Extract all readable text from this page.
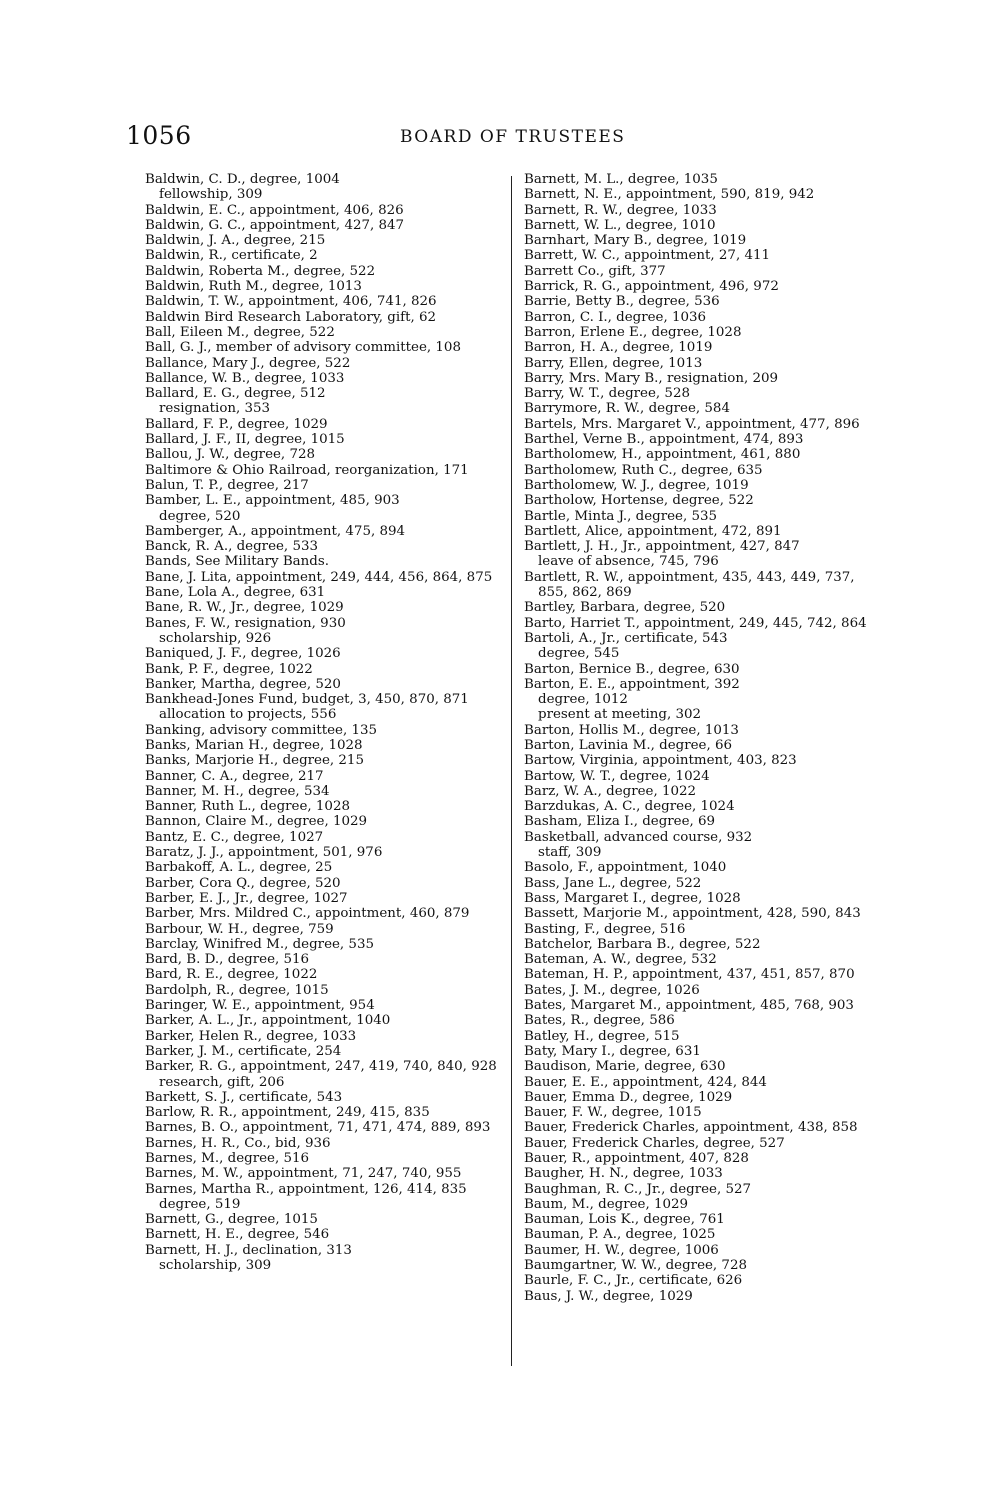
1056	BOARD OF TRUSTEES

Baldwin, C. D., degree, 1004

fellowship, 309

Baldwin, E. C., appointment, 406, 826

Baldwin, G. C., appointment, 427, 847

Baldwin, J. A., degree, 215

Baldwin, R., certificate, 2

Baldwin, Roberta M., degree, 522

Baldwin, Ruth M., degree, 1013

Baldwin, T. W., appointment, 406, 741, 826

Baldwin Bird Research Laboratory, gift, 62

Ball, Eileen M., degree, 522

Ball, G. J., member of advisory committee, 108

Ballance, Mary J., degree, 522

Ballance, W. B., degree, 1033

Ballard, E. G., degree, 512

resignation, 353

Ballard, F. P., degree, 1029

Ballard, J. F., II, degree, 1015

Ballou, J. W., degree, 728

Baltimore & Ohio Railroad, reorganization, 171

Balun, T. P., degree, 217

Bamber, L. E., appointment, 485, 903

degree, 520

Bamberger, A., appointment, 475, 894

Banck, R. A., degree, 533

Bands, See Military Bands.

Bane, J. Lita, appointment, 249, 444, 456, 864, 875

Bane, Lola A., degree, 631

Bane, R. W., Jr., degree, 1029

Banes, F. W., resignation, 930

scholarship, 926

Baniqued, J. F., degree, 1026

Bank, P. F., degree, 1022

Banker, Martha, degree, 520

Bankhead-Jones Fund, budget, 3, 450, 870, 871

allocation to projects, 556

Banking, advisory committee, 135

Banks, Marian H., degree, 1028

Banks, Marjorie H., degree, 215

Banner, C. A., degree, 217

Banner, M. H., degree, 534

Banner, Ruth L., degree, 1028

Bannon, Claire M., degree, 1029

Bantz, E. C., degree, 1027

Baratz, J. J., appointment, 501, 976

Barbakoff, A. L., degree, 25

Barber, Cora Q., degree, 520

Barber, E. J., Jr., degree, 1027

Barber, Mrs. Mildred C., appointment, 460, 879

Barbour, W. H., degree, 759

Barclay, Winifred M., degree, 535

Bard, B. D., degree, 516

Bard, R. E., degree, 1022

Bardolph, R., degree, 1015

Baringer, W. E., appointment, 954

Barker, A. L., Jr., appointment, 1040

Barker, Helen R., degree, 1033

Barker, J. M., certificate, 254

Barker, R. G., appointment, 247, 419, 740, 840, 928

research, gift, 206

Barkett, S. J., certificate, 543

Barlow, R. R., appointment, 249, 415, 835

Barnes, B. O., appointment, 71, 471, 474, 889, 893

Barnes, H. R., Co., bid, 936

Barnes, M., degree, 516

Barnes, M. W., appointment, 71, 247, 740, 955

Barnes, Martha R., appointment, 126, 414, 835

degree, 519

Barnett, G., degree, 1015

Barnett, H. E., degree, 546

Barnett, H. J., declination, 313

scholarship, 309

Barnett, M. L., degree, 1035

Barnett, N. E., appointment, 590, 819, 942

Barnett, R. W., degree, 1033

Barnett, W. L., degree, 1010

Barnhart, Mary B., degree, 1019

Barrett, W. C., appointment, 27, 411

Barrett Co., gift, 377

Barrick, R. G., appointment, 496, 972

Barrie, Betty B., degree, 536

Barron, C. I., degree, 1036

Barron, Erlene E., degree, 1028

Barron, H. A., degree, 1019

Barry, Ellen, degree, 1013

Barry, Mrs. Mary B., resignation, 209

Barry, W. T., degree, 528

Barrymore, R. W., degree, 584

Bartels, Mrs. Margaret V., appointment, 477, 896

Barthel, Verne B., appointment, 474, 893

Bartholomew, H., appointment, 461, 880

Bartholomew, Ruth C., degree, 635

Bartholomew, W. J., degree, 1019

Bartholow, Hortense, degree, 522

Bartle, Minta J., degree, 535

Bartlett, Alice, appointment, 472, 891

Bartlett, J. H., Jr., appointment, 427, 847

leave of absence, 745, 796

Bartlett, R. W., appointment, 435, 443, 449, 737, 855, 862, 869

Bartley, Barbara, degree, 520

Barto, Harriet T., appointment, 249, 445, 742, 864

Bartoli, A., Jr., certificate, 543

degree, 545

Barton, Bernice B., degree, 630

Barton, E. E., appointment, 392

degree, 1012

present at meeting, 302

Barton, Hollis M., degree, 1013

Barton, Lavinia M., degree, 66

Bartow, Virginia, appointment, 403, 823

Bartow, W. T., degree, 1024

Barz, W. A., degree, 1022

Barzdukas, A. C., degree, 1024

Basham, Eliza I., degree, 69

Basketball, advanced course, 932

staff, 309

Basolo, F., appointment, 1040

Bass, Jane L., degree, 522

Bass, Margaret I., degree, 1028

Bassett, Marjorie M., appointment, 428, 590, 843

Basting, F., degree, 516

Batchelor, Barbara B., degree, 522

Bateman, A. W., degree, 532

Bateman, H. P., appointment, 437, 451, 857, 870

Bates, J. M., degree, 1026

Bates, Margaret M., appointment, 485, 768, 903

Bates, R., degree, 586

Batley, H., degree, 515

Baty, Mary I., degree, 631

Baudison, Marie, degree, 630

Bauer, E. E., appointment, 424, 844

Bauer, Emma D., degree, 1029

Bauer, F. W., degree, 1015

Bauer, Frederick Charles, appointment, 438, 858

Bauer, Frederick Charles, degree, 527

Bauer, R., appointment, 407, 828

Baugher, H. N., degree, 1033

Baughman, R. C., Jr., degree, 527

Baum, M., degree, 1029

Bauman, Lois K., degree, 761

Bauman, P. A., degree, 1025

Baumer, H. W., degree, 1006

Baumgartner, W. W., degree, 728

Baurle, F. C., Jr., certificate, 626

Baus, J. W., degree, 1029
